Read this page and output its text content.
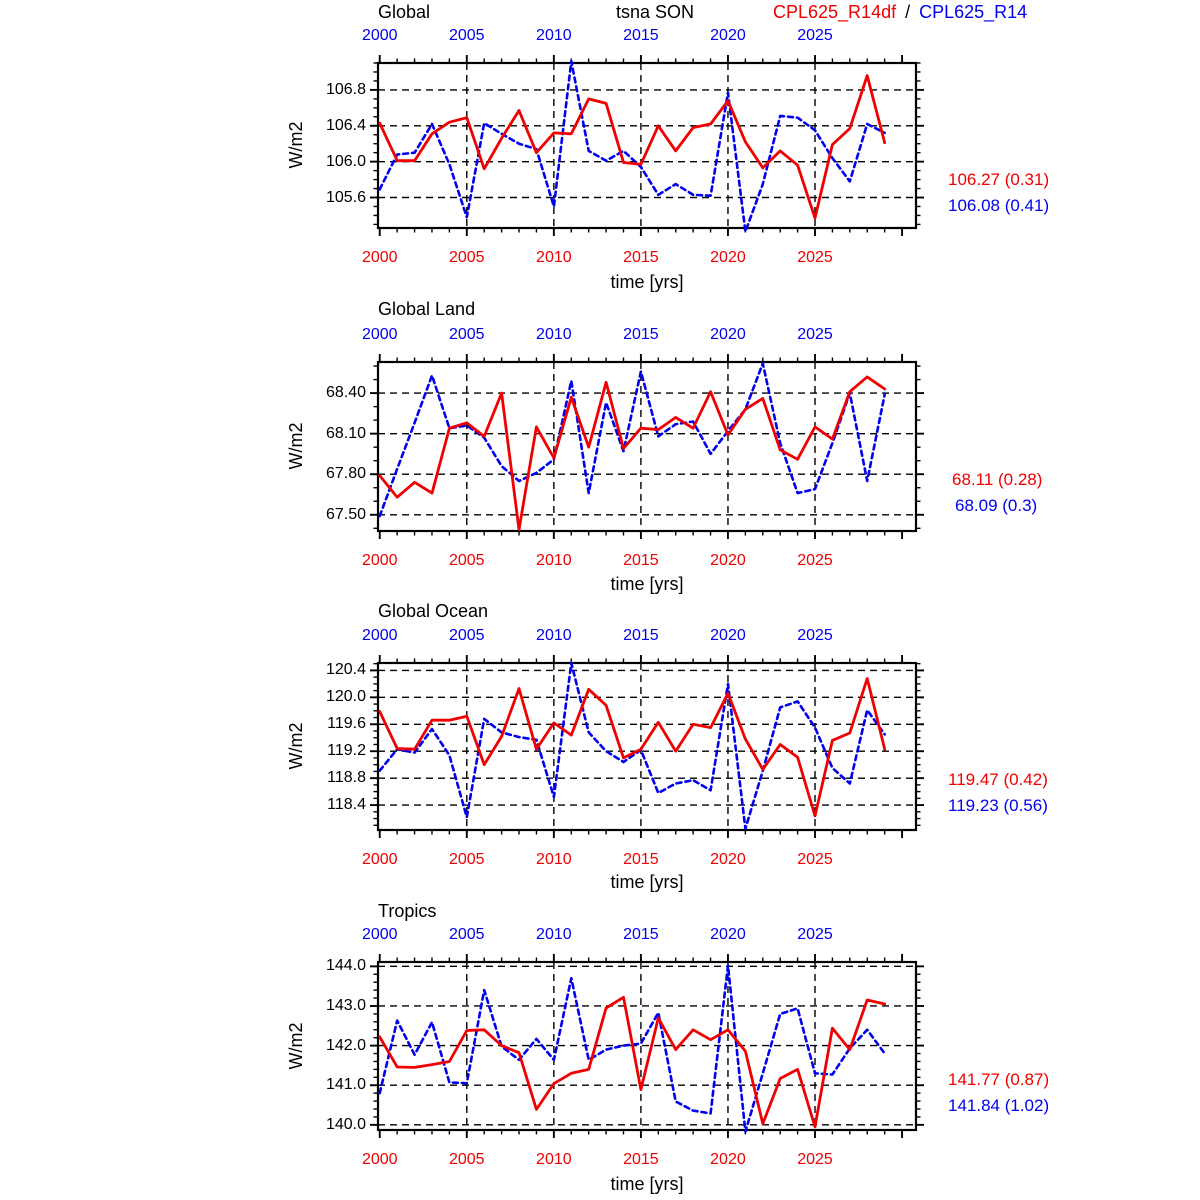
2000
2000
2005
2005
2010
2010
2015
2015
2020
2020
2025
2025
105.6
106.0
106.4
106.8
2000
2000
2005
2005
2010
2010
2015
2015
2020
2020
2025
2025
67.50
67.80
68.10
68.40
2000
2000
2005
2005
2010
2010
2015
2015
2020
2020
2025
2025
118.4
118.8
119.2
119.6
120.0
120.4
2000
2000
2005
2005
2010
2010
2015
2015
2020
2020
2025
2025
140.0
141.0
142.0
143.0
144.0
Global	tsna SON	CPL625_R14df / CPL625_R14
Global Land
Global Ocean
Tropics
W/m2
W/m2
W/m2
W/m2
time [yrs]
time [yrs]
time [yrs]
time [yrs]
106.27 (0.31)
106.08 (0.41)
68.11 (0.28)
68.09 (0.3)
119.47 (0.42)
119.23 (0.56)
141.77 (0.87)
141.84 (1.02)
